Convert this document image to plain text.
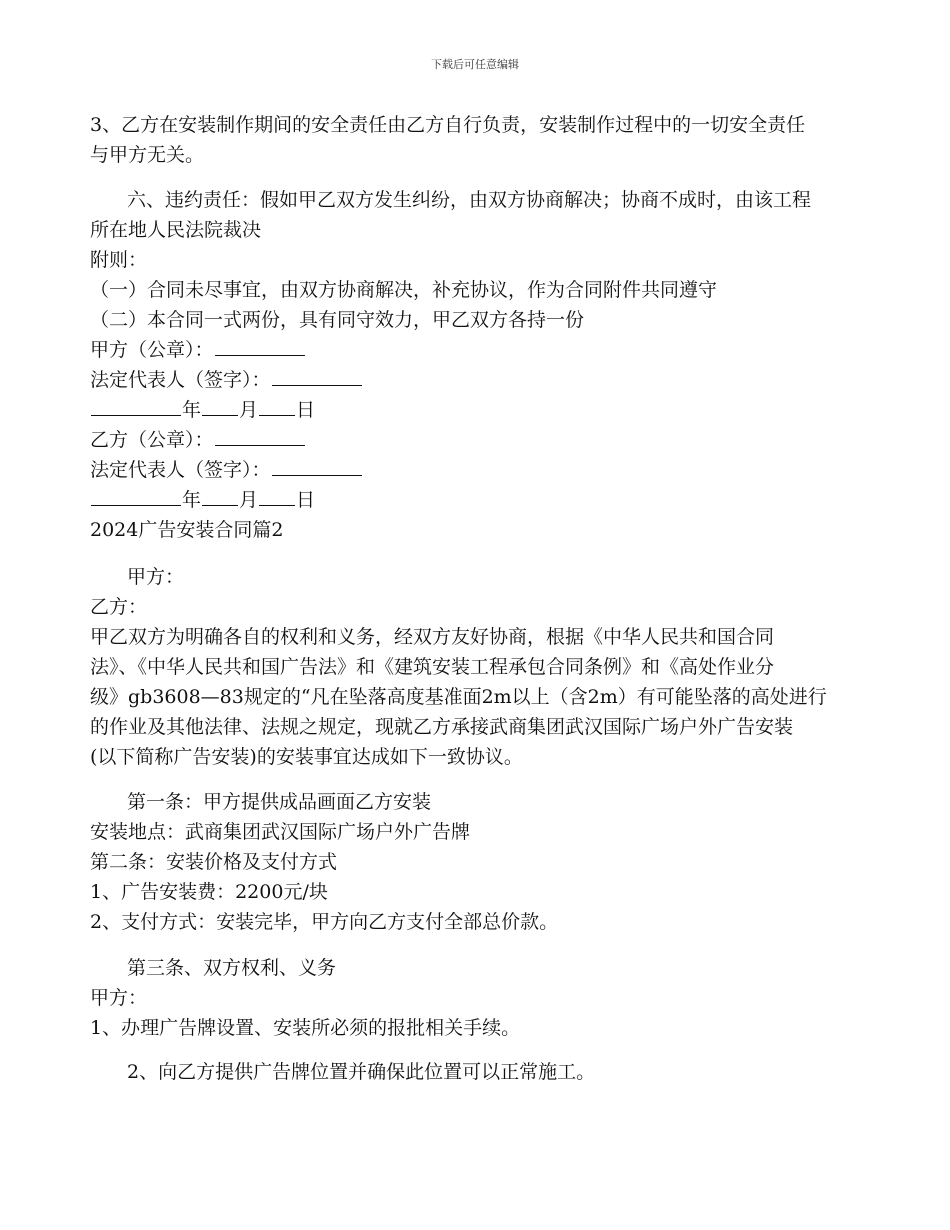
下载后可任意编辑
3、乙方在安装制作期间的安全责任由乙方自行负责，安装制作过程中的一切安全责任
与甲方无关。
六、违约责任：假如甲乙双方发生纠纷，由双方协商解决；协商不成时，由该工程
所在地人民法院裁决
附则：
（一）合同未尽事宜，由双方协商解决，补充协议，作为合同附件共同遵守
（二）本合同一式两份，具有同守效力，甲乙双方各持一份
甲方（公章）：
法定代表人（签字）：
年 月 日
乙方（公章）：
法定代表人（签字）：
年 月 日
2024广告安装合同篇2
甲方：
乙方：
甲乙双方为明确各自的权利和义务，经双方友好协商，根据《中华人民共和国合同
法》、《中华人民共和国广告法》和《建筑安装工程承包合同条例》和《高处作业分
级》gb3608—83规定的“凡在坠落高度基准面2m以上（含2m）有可能坠落的高处进行
的作业及其他法律、法规之规定，现就乙方承接武商集团武汉国际广场户外广告安装
(以下简称广告安装)的安装事宜达成如下一致协议。
第一条：甲方提供成品画面乙方安装
安装地点：武商集团武汉国际广场户外广告牌
第二条：安装价格及支付方式
1、广告安装费：2200元/块
2、支付方式：安装完毕，甲方向乙方支付全部总价款。
第三条、双方权利、义务
甲方：
1、办理广告牌设置、安装所必须的报批相关手续。
2、向乙方提供广告牌位置并确保此位置可以正常施工。
